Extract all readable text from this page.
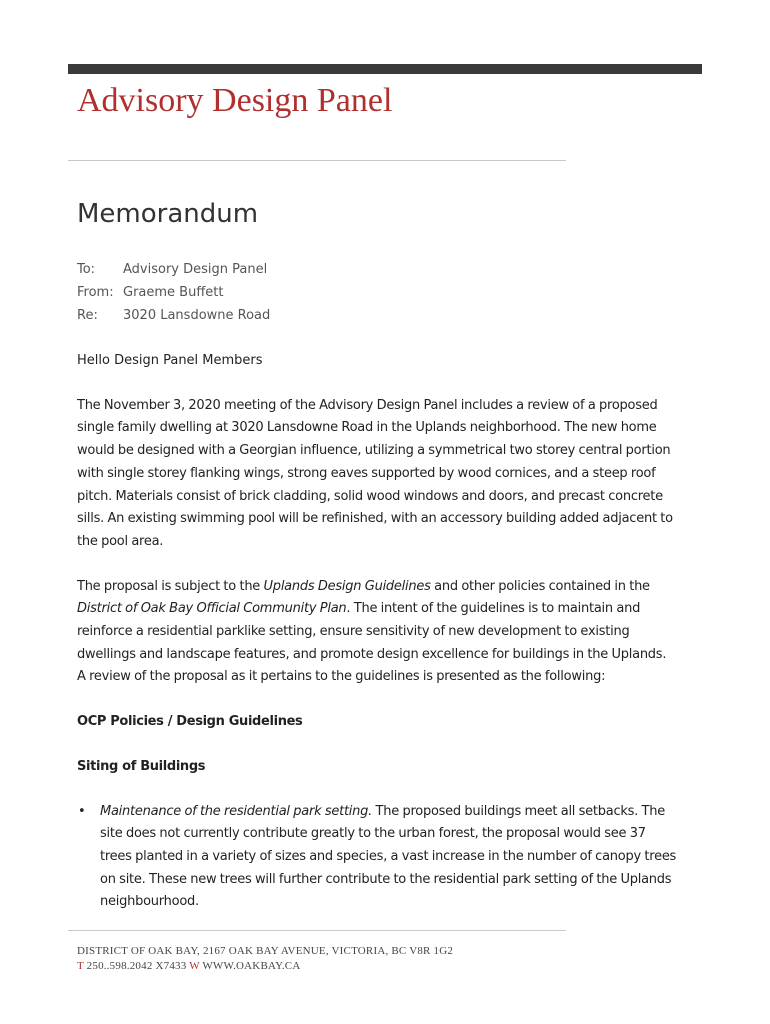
Advisory Design Panel
Memorandum
To: Advisory Design Panel
From: Graeme Buffett
Re: 3020 Lansdowne Road

Hello Design Panel Members

The November 3, 2020 meeting of the Advisory Design Panel includes a review of a proposed single family dwelling at 3020 Lansdowne Road in the Uplands neighborhood. The new home would be designed with a Georgian influence, utilizing a symmetrical two storey central portion with single storey flanking wings, strong eaves supported by wood cornices, and a steep roof pitch. Materials consist of brick cladding, solid wood windows and doors, and precast concrete sills. An existing swimming pool will be refinished, with an accessory building added adjacent to the pool area.

The proposal is subject to the Uplands Design Guidelines and other policies contained in the District of Oak Bay Official Community Plan. The intent of the guidelines is to maintain and reinforce a residential parklike setting, ensure sensitivity of new development to existing dwellings and landscape features, and promote design excellence for buildings in the Uplands. A review of the proposal as it pertains to the guidelines is presented as the following:

OCP Policies / Design Guidelines

Siting of Buildings

• Maintenance of the residential park setting. The proposed buildings meet all setbacks. The site does not currently contribute greatly to the urban forest, the proposal would see 37 trees planted in a variety of sizes and species, a vast increase in the number of canopy trees on site. These new trees will further contribute to the residential park setting of the Uplands neighbourhood.
DISTRICT OF OAK BAY, 2167 OAK BAY AVENUE, VICTORIA, BC V8R 1G2
T 250..598.2042 X7433 W WWW.OAKBAY.CA
